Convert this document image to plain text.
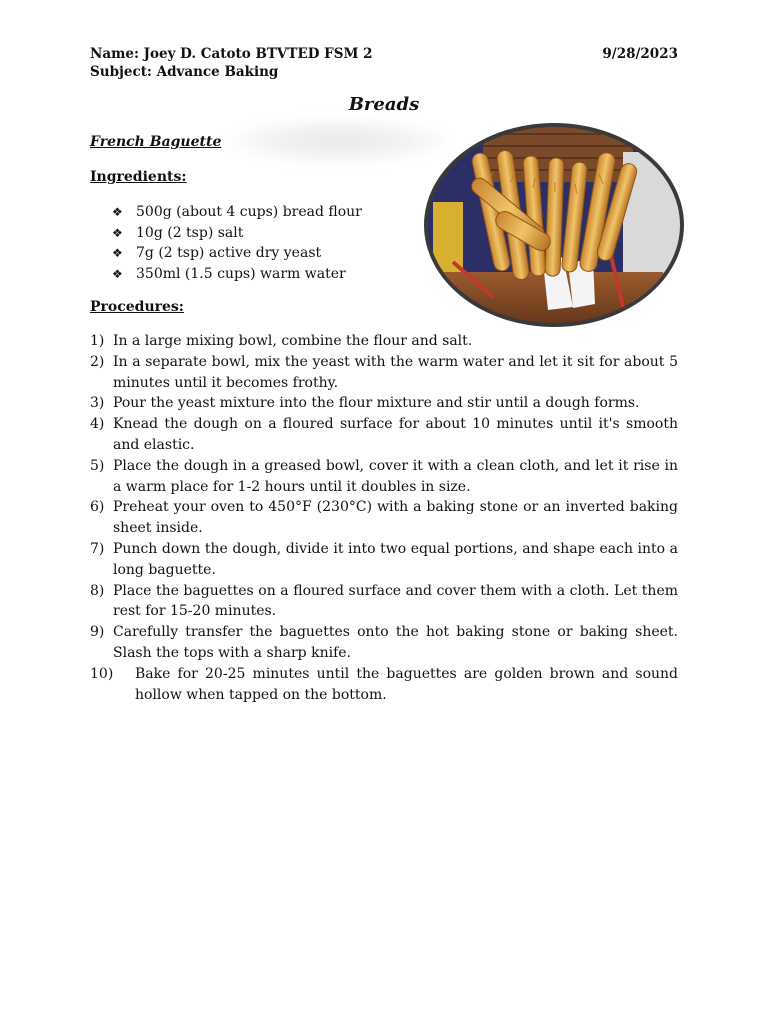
Name: Joey D. Catoto BTVTED FSM 2	9/28/2023
Subject: Advance Baking
Breads
French Baguette
Ingredients:
❖ 500g (about 4 cups) bread flour
❖ 10g (2 tsp) salt
❖ 7g (2 tsp) active dry yeast
❖ 350ml (1.5 cups) warm water
Procedures:
1) In a large mixing bowl, combine the flour and salt.
2) In a separate bowl, mix the yeast with the warm water and let it sit for about 5 minutes until it becomes frothy.
3) Pour the yeast mixture into the flour mixture and stir until a dough forms.
4) Knead the dough on a floured surface for about 10 minutes until it's smooth and elastic.
5) Place the dough in a greased bowl, cover it with a clean cloth, and let it rise in a warm place for 1-2 hours until it doubles in size.
6) Preheat your oven to 450°F (230°C) with a baking stone or an inverted baking sheet inside.
7) Punch down the dough, divide it into two equal portions, and shape each into a long baguette.
8) Place the baguettes on a floured surface and cover them with a cloth. Let them rest for 15-20 minutes.
9) Carefully transfer the baguettes onto the hot baking stone or baking sheet. Slash the tops with a sharp knife.
10)	Bake for 20-25 minutes until the baguettes are golden brown and sound hollow when tapped on the bottom.
